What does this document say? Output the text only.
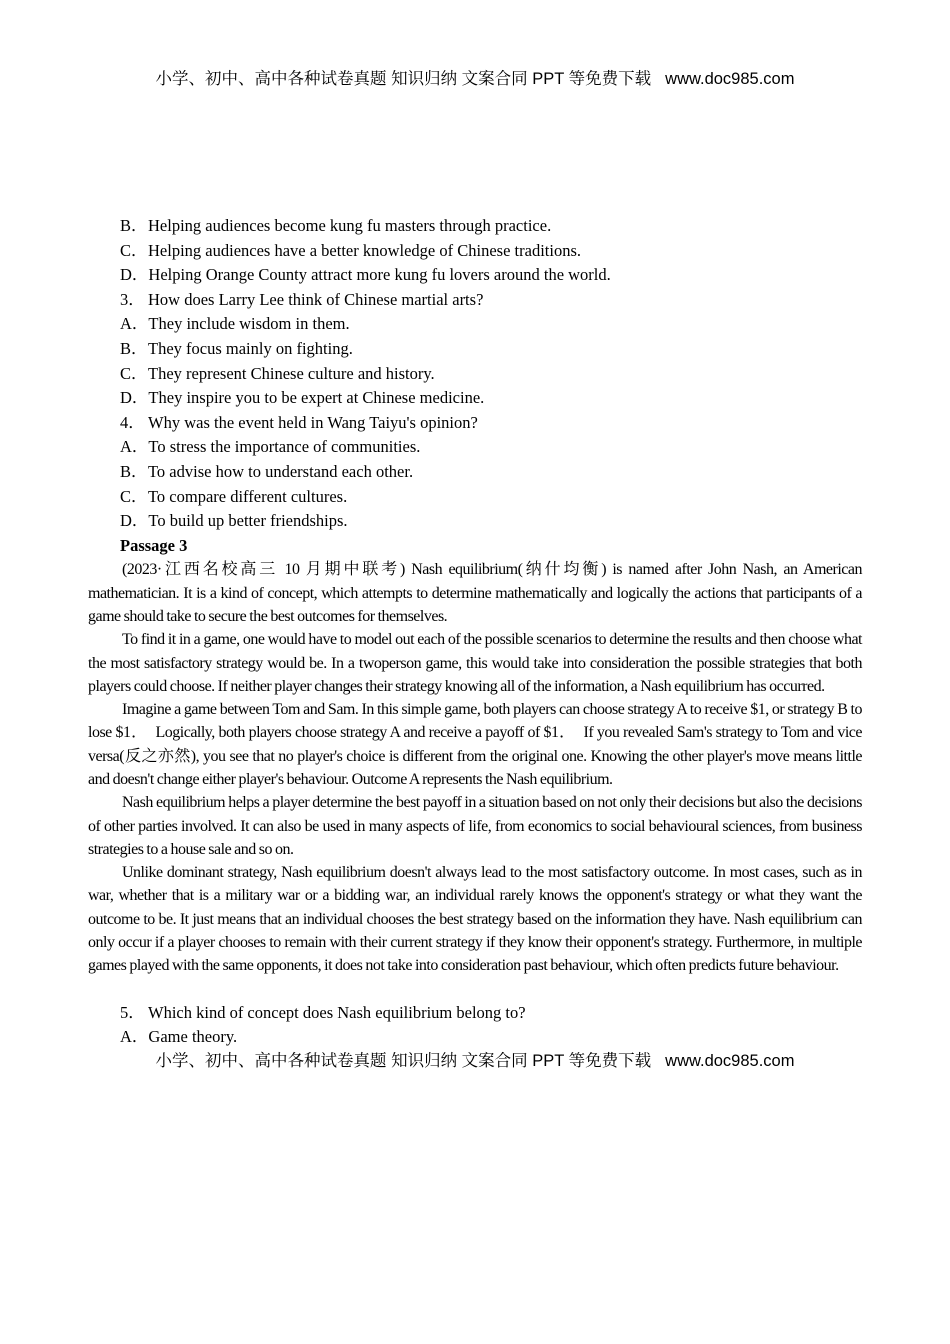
小学、初中、高中各种试卷真题 知识归纳 文案合同 PPT 等免费下载 www.doc985.com
B．Helping audiences become kung fu masters through practice.
C．Helping audiences have a better knowledge of Chinese traditions.
D．Helping Orange County attract more kung fu lovers around the world.
3． How does Larry Lee think of Chinese martial arts?
A．They include wisdom in them.
B．They focus mainly on fighting.
C．They represent Chinese culture and history.
D．They inspire you to be expert at Chinese medicine.
4． Why was the event held in Wang Taiyu's opinion?
A．To stress the importance of communities.
B．To advise how to understand each other.
C．To compare different cultures.
D．To build up better friendships.
Passage 3

(2023·江西名校高三 10 月期中联考) Nash equilibrium(纳什均衡) is named after John Nash, an American mathematician. It is a kind of concept, which attempts to determine mathematically and logically the actions that participants of a game should take to secure the best outcomes for themselves.

To find it in a game, one would have to model out each of the possible scenarios to determine the results and then choose what the most satisfactory strategy would be. In a twoperson game, this would take into consideration the possible strategies that both players could choose. If neither player changes their strategy knowing all of the information, a Nash equilibrium has occurred.

Imagine a game between Tom and Sam. In this simple game, both players can choose strategy A to receive $1, or strategy B to lose $1．　Logically, both players choose strategy A and receive a payoff of $1．　If you revealed Sam's strategy to Tom and vice versa(反之亦然), you see that no player's choice is different from the original one. Knowing the other player's move means little and doesn't change either player's behaviour. Outcome A represents the Nash equilibrium.

Nash equilibrium helps a player determine the best payoff in a situation based on not only their decisions but also the decisions of other parties involved. It can also be used in many aspects of life, from economics to social behavioural sciences, from business strategies to a house sale and so on.

Unlike dominant strategy, Nash equilibrium doesn't always lead to the most satisfactory outcome. In most cases, such as in war, whether that is a military war or a bidding war, an individual rarely knows the opponent's strategy or what they want the outcome to be. It just means that an individual chooses the best strategy based on the information they have. Nash equilibrium can only occur if a player chooses to remain with their current strategy if they know their opponent's strategy. Furthermore, in multiple games played with the same opponents, it does not take into consideration past behaviour, which often predicts future behaviour.

5． Which kind of concept does Nash equilibrium belong to?
A．Game theory.
小学、初中、高中各种试卷真题 知识归纳 文案合同 PPT 等免费下载 www.doc985.com
